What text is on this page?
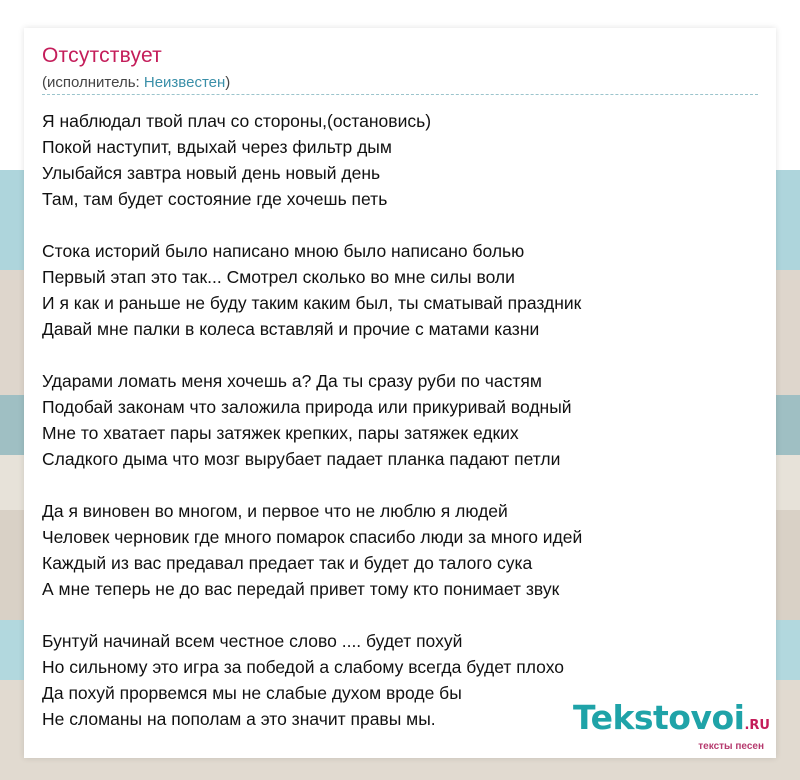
Отсутствует
(исполнитель: Неизвестен)
Я наблюдал твой плач со стороны,(остановись)
Покой наступит, вдыхай через фильтр дым
Улыбайся завтра новый день новый день
Там, там будет состояние где хочешь петь
Стока историй было написано мною было написано болью
Первый этап это так... Смотрел сколько во мне силы воли
И я как и раньше не буду таким каким был, ты сматывай праздник
Давай мне палки в колеса вставляй и прочие с матами казни
Ударами ломать меня хочешь а? Да ты сразу руби по частям
Подобай законам что заложила природа или прикуривай водный
Мне то хватает пары затяжек крепких, пары затяжек едких
Сладкого дыма что мозг вырубает падает планка падают петли
Да я виновен во многом, и первое что не люблю я людей
Человек черновик где много помарок спасибо люди за много идей
Каждый из вас предавал предает так и будет до талого сука
А мне теперь не до вас передай привет тому кто понимает звук
Бунтуй начинай всем честное слово .... будет похуй
Но сильному это игра за победой а слабому всегда будет плохо
Да похуй прорвемся мы не слабые духом вроде бы
Не сломаны на пополам а это значит правы мы.	Tekstovoi.RU
тексты песен
